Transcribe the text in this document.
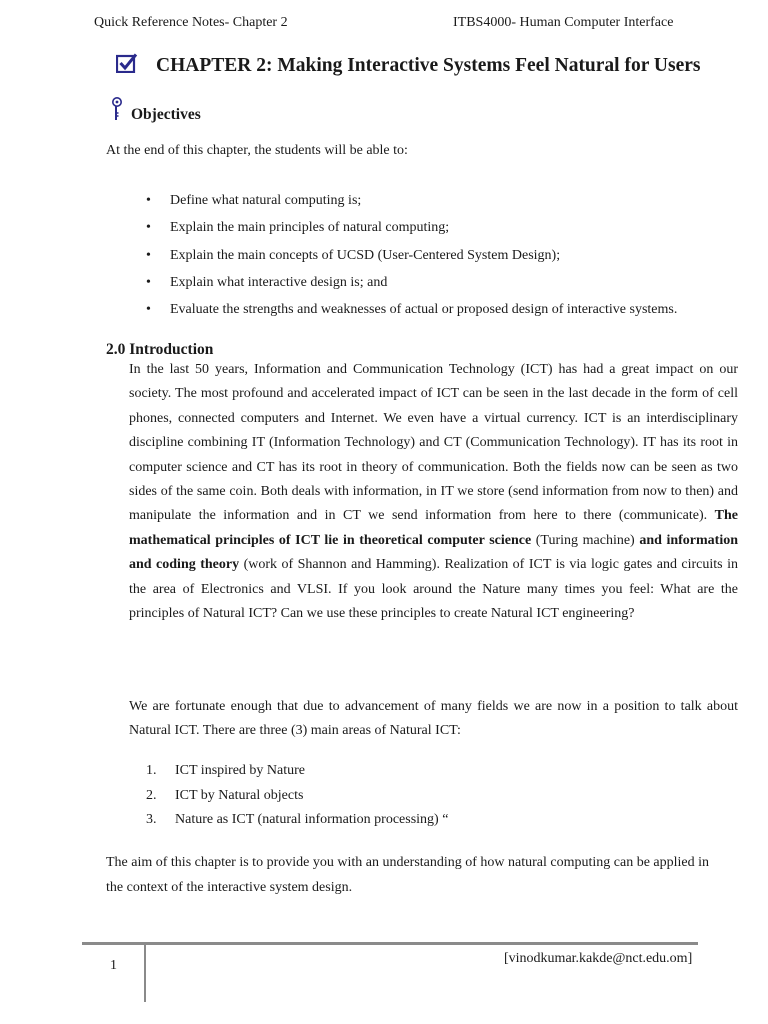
Quick Reference Notes- Chapter 2	ITBS4000- Human Computer Interface
CHAPTER 2: Making Interactive Systems Feel Natural for Users
Objectives

At the end of this chapter, the students will be able to:

• Define what natural computing is;
• Explain the main principles of natural computing;
• Explain the main concepts of UCSD (User-Centered System Design);
• Explain what interactive design is; and
• Evaluate the strengths and weaknesses of actual or proposed design of interactive systems.
2.0 Introduction

In the last 50 years, Information and Communication Technology (ICT) has had a great impact on our society. The most profound and accelerated impact of ICT can be seen in the last decade in the form of cell phones, connected computers and Internet. We even have a virtual currency. ICT is an interdisciplinary discipline combining IT (Information Technology) and CT (Communication Technology). IT has its root in computer science and CT has its root in theory of communication. Both the fields now can be seen as two sides of the same coin. Both deals with information, in IT we store (send information from now to then) and manipulate the information and in CT we send information from here to there (communicate). The mathematical principles of ICT lie in theoretical computer science (Turing machine) and information and coding theory (work of Shannon and Hamming). Realization of ICT is via logic gates and circuits in the area of Electronics and VLSI. If you look around the Nature many times you feel: What are the principles of Natural ICT? Can we use these principles to create Natural ICT engineering?

We are fortunate enough that due to advancement of many fields we are now in a position to talk about Natural ICT. There are three (3) main areas of Natural ICT:

1. ICT inspired by Nature
2. ICT by Natural objects
3. Nature as ICT (natural information processing) “

The aim of this chapter is to provide you with an understanding of how natural computing can be applied in the context of the interactive system design.

1	[vinodkumar.kakde@nct.edu.om]
